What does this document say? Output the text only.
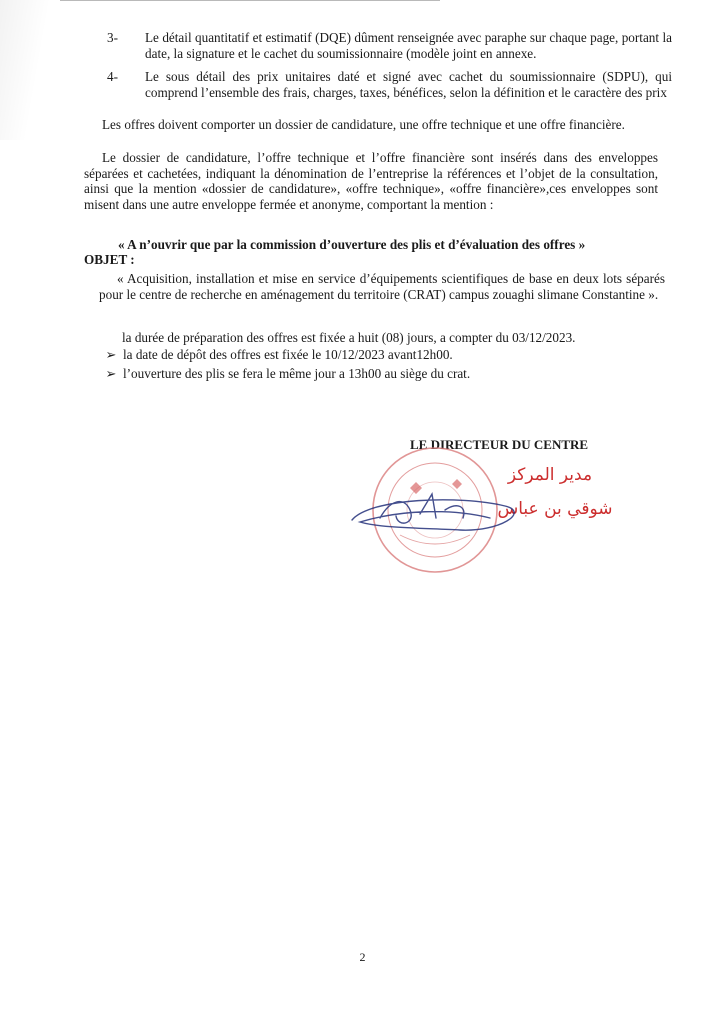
3-	Le détail quantitatif et estimatif (DQE) dûment renseignée avec paraphe sur chaque page, portant la date, la signature et le cachet du soumissionnaire (modèle joint en annexe.
4-	Le sous détail des prix unitaires daté et signé avec cachet du soumissionnaire (SDPU), qui comprend l’ensemble des frais, charges, taxes, bénéfices, selon la définition et le caractère des prix
Les offres doivent comporter un dossier de candidature, une offre technique et une offre financière.
Le dossier de candidature, l’offre technique et l’offre financière sont insérés dans des enveloppes séparées et cachetées, indiquant la dénomination de l’entreprise la références et l’objet de la consultation, ainsi que la mention «dossier de candidature», «offre technique», «offre financière»,ces enveloppes sont misent dans une autre enveloppe fermée et anonyme, comportant la mention :
« A n’ouvrir que par la commission d’ouverture des plis et d’évaluation des offres »
OBJET :
« Acquisition, installation et mise en service d’équipements scientifiques de base en deux lots séparés pour le centre de recherche en aménagement du territoire (CRAT) campus zouaghi slimane Constantine ».
la durée de préparation des offres est fixée a huit (08) jours, a compter du 03/12/2023.
➢ la date de dépôt des offres est fixée le 10/12/2023 avant12h00.
➢ l’ouverture des plis se fera le même jour a 13h00 au siège du crat.
LE DIRECTEUR DU CENTRE
مدير المركز
شوقي بن عباس
2
